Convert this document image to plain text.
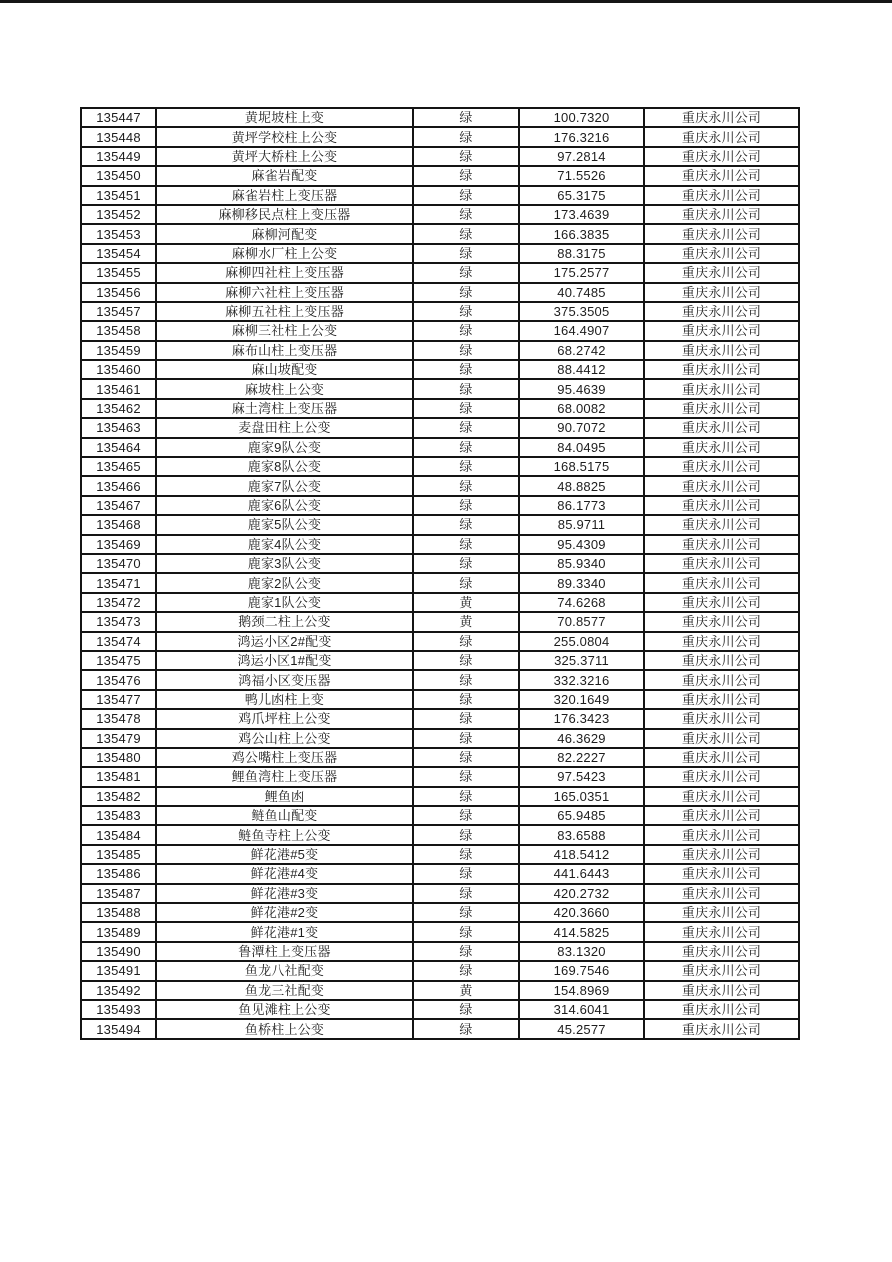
135447	黄坭坡柱上变	绿	100.7320	重庆永川公司
135448	黄坪学校柱上公变	绿	176.3216	重庆永川公司
135449	黄坪大桥柱上公变	绿	97.2814	重庆永川公司
135450	麻雀岩配变	绿	71.5526	重庆永川公司
135451	麻雀岩柱上变压器	绿	65.3175	重庆永川公司
135452	麻柳移民点柱上变压器	绿	173.4639	重庆永川公司
135453	麻柳河配变	绿	166.3835	重庆永川公司
135454	麻柳水厂柱上公变	绿	88.3175	重庆永川公司
135455	麻柳四社柱上变压器	绿	175.2577	重庆永川公司
135456	麻柳六社柱上变压器	绿	40.7485	重庆永川公司
135457	麻柳五社柱上变压器	绿	375.3505	重庆永川公司
135458	麻柳三社柱上公变	绿	164.4907	重庆永川公司
135459	麻布山柱上变压器	绿	68.2742	重庆永川公司
135460	麻山坡配变	绿	88.4412	重庆永川公司
135461	麻坡柱上公变	绿	95.4639	重庆永川公司
135462	麻土湾柱上变压器	绿	68.0082	重庆永川公司
135463	麦盘田柱上公变	绿	90.7072	重庆永川公司
135464	鹿家9队公变	绿	84.0495	重庆永川公司
135465	鹿家8队公变	绿	168.5175	重庆永川公司
135466	鹿家7队公变	绿	48.8825	重庆永川公司
135467	鹿家6队公变	绿	86.1773	重庆永川公司
135468	鹿家5队公变	绿	85.9711	重庆永川公司
135469	鹿家4队公变	绿	95.4309	重庆永川公司
135470	鹿家3队公变	绿	85.9340	重庆永川公司
135471	鹿家2队公变	绿	89.3340	重庆永川公司
135472	鹿家1队公变	黄	74.6268	重庆永川公司
135473	鹅颈二柱上公变	黄	70.8577	重庆永川公司
135474	鸿运小区2#配变	绿	255.0804	重庆永川公司
135475	鸿运小区1#配变	绿	325.3711	重庆永川公司
135476	鸿福小区变压器	绿	332.3216	重庆永川公司
135477	鸭儿凼柱上变	绿	320.1649	重庆永川公司
135478	鸡爪坪柱上公变	绿	176.3423	重庆永川公司
135479	鸡公山柱上公变	绿	46.3629	重庆永川公司
135480	鸡公嘴柱上变压器	绿	82.2227	重庆永川公司
135481	鲤鱼湾柱上变压器	绿	97.5423	重庆永川公司
135482	鲤鱼凼	绿	165.0351	重庆永川公司
135483	鲢鱼山配变	绿	65.9485	重庆永川公司
135484	鲢鱼寺柱上公变	绿	83.6588	重庆永川公司
135485	鲜花港#5变	绿	418.5412	重庆永川公司
135486	鲜花港#4变	绿	441.6443	重庆永川公司
135487	鲜花港#3变	绿	420.2732	重庆永川公司
135488	鲜花港#2变	绿	420.3660	重庆永川公司
135489	鲜花港#1变	绿	414.5825	重庆永川公司
135490	鲁潭柱上变压器	绿	83.1320	重庆永川公司
135491	鱼龙八社配变	绿	169.7546	重庆永川公司
135492	鱼龙三社配变	黄	154.8969	重庆永川公司
135493	鱼见滩柱上公变	绿	314.6041	重庆永川公司
135494	鱼桥柱上公变	绿	45.2577	重庆永川公司
